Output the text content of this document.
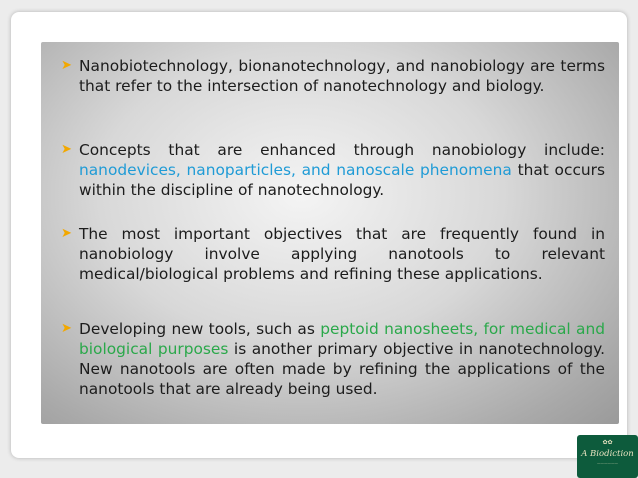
➤ Nanobiotechnology, bionanotechnology, and nanobiology are terms that refer to the intersection of nanotechnology and biology.
➤ Concepts that are enhanced through nanobiology include: nanodevices, nanoparticles, and nanoscale phenomena that occurs within the discipline of nanotechnology.
➤ The most important objectives that are frequently found in nanobiology involve applying nanotools to relevant medical/biological problems and refining these applications.
➤ Developing new tools, such as peptoid nanosheets, for medical and biological purposes is another primary objective in nanotechnology. New nanotools are often made by refining the applications of the nanotools that are already being used.
✿✿
A Biodiction
——————
